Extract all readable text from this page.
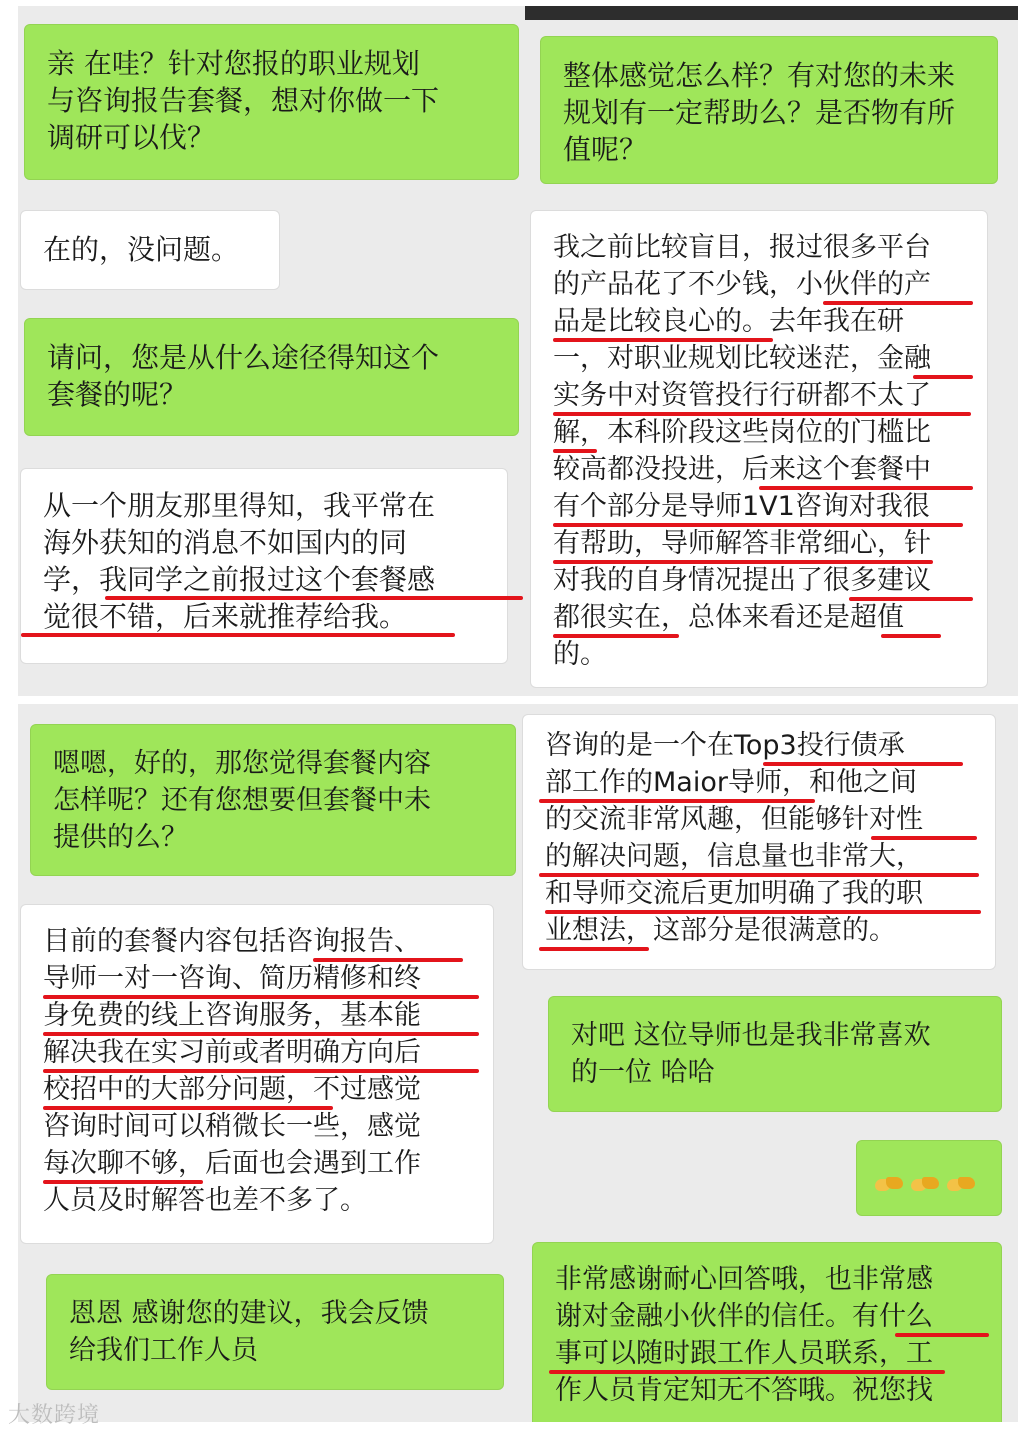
亲 在哇？针对您报的职业规划
与咨询报告套餐，想对你做一下
调研可以伐？
在的，没问题。
请问，您是从什么途径得知这个
套餐的呢？
从一个朋友那里得知，我平常在
海外获知的消息不如国内的同
学，我同学之前报过这个套餐感
觉很不错，后来就推荐给我。
整体感觉怎么样？有对您的未来
规划有一定帮助么？是否物有所
值呢？
我之前比较盲目，报过很多平台
的产品花了不少钱，小伙伴的产
品是比较良心的。去年我在研
一，对职业规划比较迷茫，金融
实务中对资管投行行研都不太了
解，本科阶段这些岗位的门槛比
较高都没投进，后来这个套餐中
有个部分是导师1V1咨询对我很
有帮助，导师解答非常细心，针
对我的自身情况提出了很多建议
都很实在，总体来看还是超值
的。
嗯嗯，好的，那您觉得套餐内容
怎样呢？还有您想要但套餐中未
提供的么？
目前的套餐内容包括咨询报告、
导师一对一咨询、简历精修和终
身免费的线上咨询服务，基本能
解决我在实习前或者明确方向后
校招中的大部分问题，不过感觉
咨询时间可以稍微长一些，感觉
每次聊不够，后面也会遇到工作
人员及时解答也差不多了。
恩恩 感谢您的建议，我会反馈
给我们工作人员
咨询的是一个在Top3投行债承
部工作的Maior导师，和他之间
的交流非常风趣，但能够针对性
的解决问题，信息量也非常大，
和导师交流后更加明确了我的职
业想法，这部分是很满意的。
对吧 这位导师也是我非常喜欢
的一位 哈哈
非常感谢耐心回答哦，也非常感
谢对金融小伙伴的信任。有什么
事可以随时跟工作人员联系，工
作人员肯定知无不答哦。祝您找
大数跨境
